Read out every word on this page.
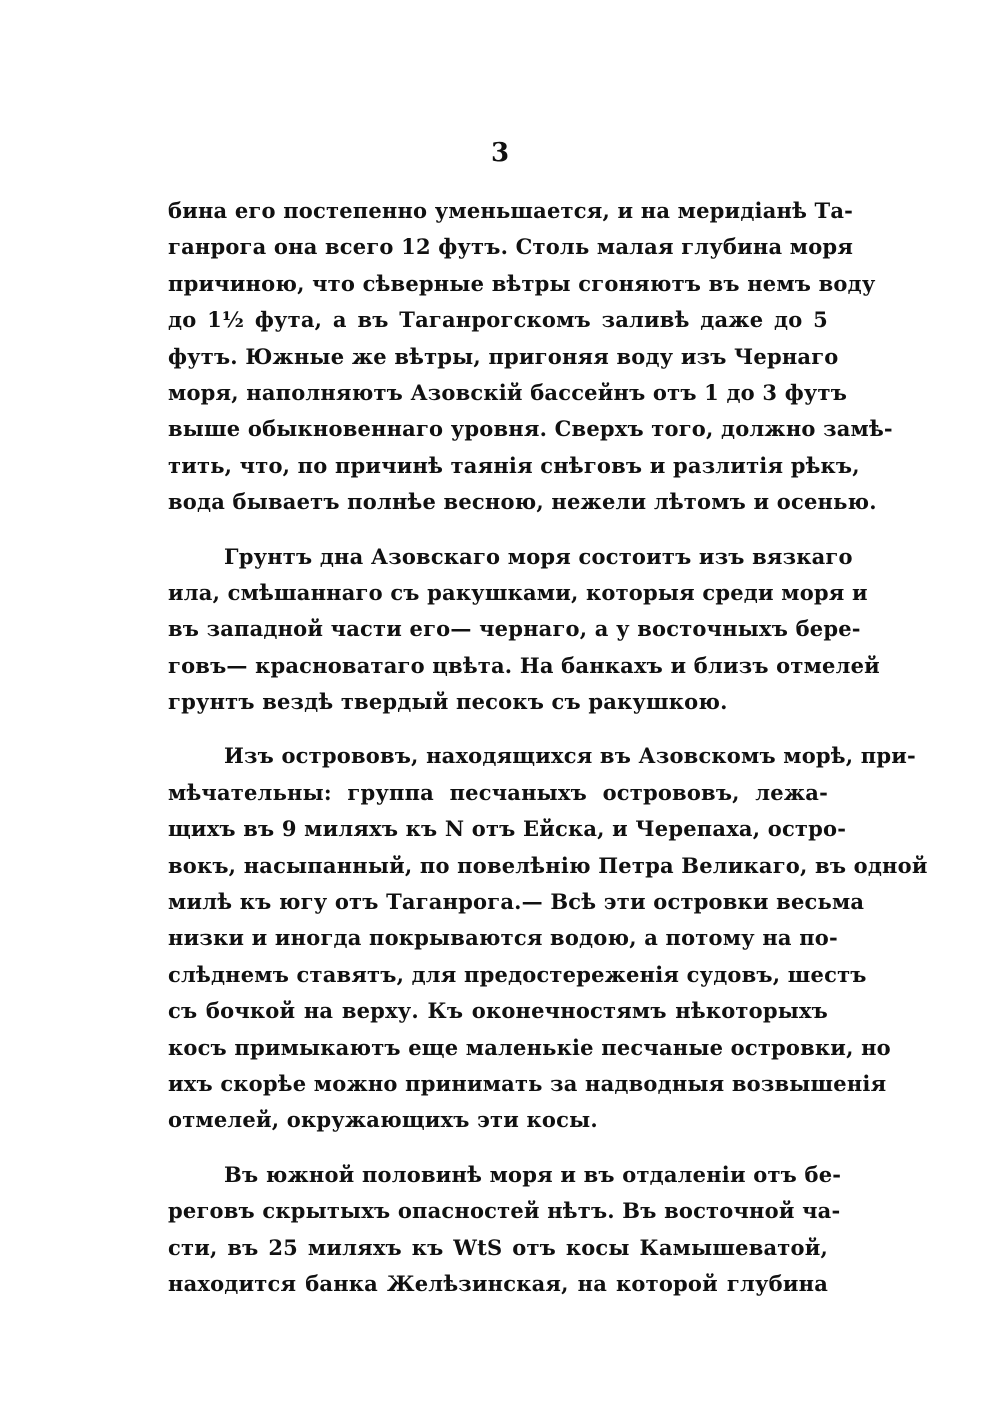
3
бина его постепенно уменьшается, и на меридiанѣ Та-
ганрога она всего 12 футъ. Столь малая глубина моря
причиною, что сѣверные вѣтры сгоняютъ въ немъ воду
до 1½ фута, а въ Таганрогскомъ заливѣ даже до 5
футъ. Южные же вѣтры, пригоняя воду изъ Чернаго
моря, наполняютъ Азовскiй бассейнъ отъ 1 до 3 футъ
выше обыкновеннаго уровня. Сверхъ того, должно замѣ-
тить, что, по причинѣ таянiя снѣговъ и разлитiя рѣкъ,
вода бываетъ полнѣе весною, нежели лѣтомъ и осенью.
Грунтъ дна Азовскаго моря состоитъ изъ вязкаго
ила, смѣшаннаго съ ракушками, которыя среди моря и
въ западной части его— чернаго, а у восточныхъ бере-
говъ— красноватаго цвѣта. На банкахъ и близъ отмелей
грунтъ вездѣ твердый песокъ съ ракушкою.
Изъ острововъ, находящихся въ Азовскомъ морѣ, при-
мѣчательны: группа песчаныхъ острововъ, лежа-
щихъ въ 9 миляхъ къ N отъ Ейска, и Черепаха, остро-
вокъ, насыпанный, по повелѣнiю Петра Великаго, въ одной
милѣ къ югу отъ Таганрога.— Всѣ эти островки весьма
низки и иногда покрываются водою, а потому на по-
слѣднемъ ставятъ, для предостереженiя судовъ, шестъ
съ бочкой на верху. Къ оконечностямъ нѣкоторыхъ
косъ примыкаютъ еще маленькiе песчаные островки, но
ихъ скорѣе можно принимать за надводныя возвышенiя
отмелей, окружающихъ эти косы.
Въ южной половинѣ моря и въ отдаленiи отъ бе-
реговъ скрытыхъ опасностей нѣтъ. Въ восточной ча-
сти, въ 25 миляхъ къ WtS отъ косы Камышеватой,
находится банка Желѣзинская, на которой глубина
